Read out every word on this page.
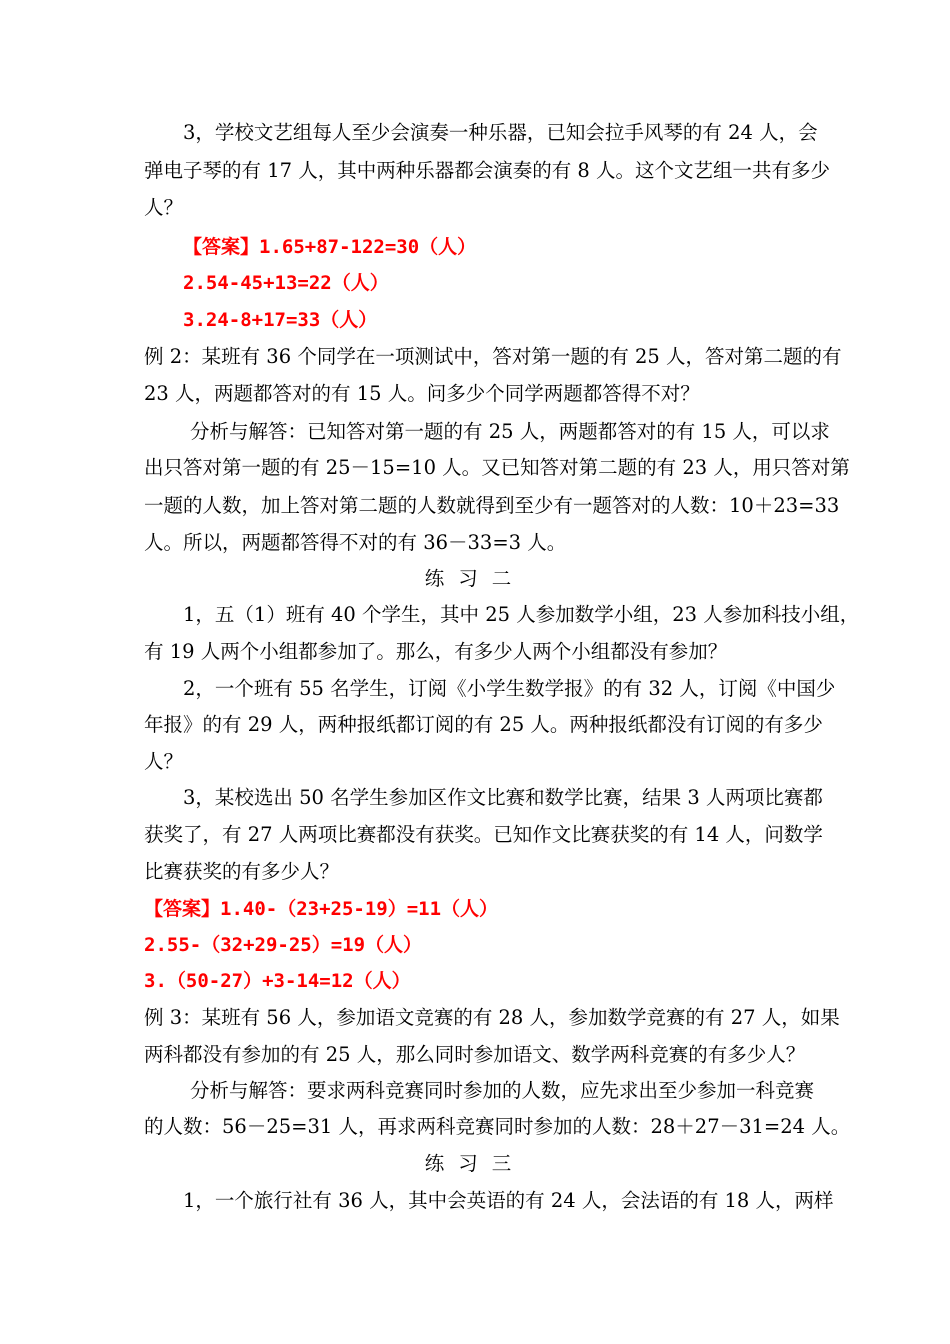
3，学校文艺组每人至少会演奏一种乐器，已知会拉手风琴的有 24 人，会
弹电子琴的有 17 人，其中两种乐器都会演奏的有 8 人。这个文艺组一共有多少
人？
【答案】1.65+87-122=30（人）
2.54-45+13=22（人）
3.24-8+17=33（人）
例 2：某班有 36 个同学在一项测试中，答对第一题的有 25 人，答对第二题的有
23 人，两题都答对的有 15 人。问多少个同学两题都答得不对？
分析与解答：已知答对第一题的有 25 人，两题都答对的有 15 人，可以求
出只答对第一题的有 25－15=10 人。又已知答对第二题的有 23 人，用只答对第
一题的人数，加上答对第二题的人数就得到至少有一题答对的人数：10＋23=33
人。所以，两题都答得不对的有 36－33=3 人。
练习二
1，五（1）班有 40 个学生，其中 25 人参加数学小组，23 人参加科技小组，
有 19 人两个小组都参加了。那么，有多少人两个小组都没有参加？
2，一个班有 55 名学生，订阅《小学生数学报》的有 32 人，订阅《中国少
年报》的有 29 人，两种报纸都订阅的有 25 人。两种报纸都没有订阅的有多少
人？
3，某校选出 50 名学生参加区作文比赛和数学比赛，结果 3 人两项比赛都
获奖了，有 27 人两项比赛都没有获奖。已知作文比赛获奖的有 14 人，问数学
比赛获奖的有多少人？
【答案】1.40-（23+25-19）=11（人）
2.55-（32+29-25）=19（人）
3.（50-27）+3-14=12（人）
例 3：某班有 56 人，参加语文竞赛的有 28 人，参加数学竞赛的有 27 人，如果
两科都没有参加的有 25 人，那么同时参加语文、数学两科竞赛的有多少人？
分析与解答：要求两科竞赛同时参加的人数，应先求出至少参加一科竞赛
的人数：56－25=31 人，再求两科竞赛同时参加的人数：28＋27－31=24 人。
练习三
1，一个旅行社有 36 人，其中会英语的有 24 人，会法语的有 18 人，两样
